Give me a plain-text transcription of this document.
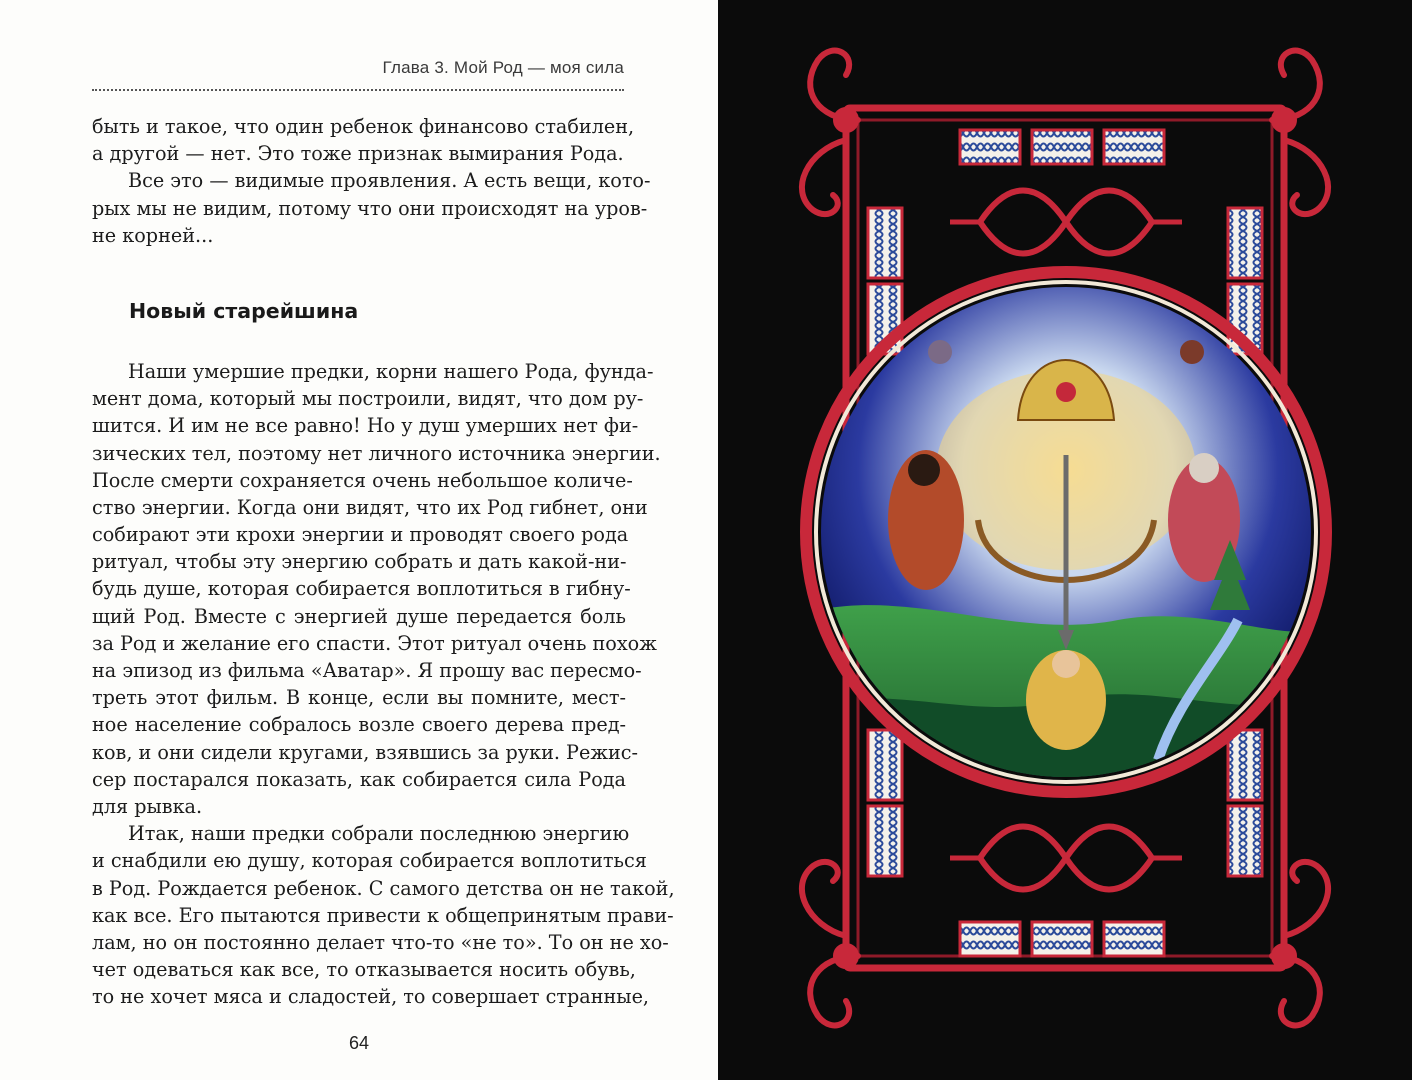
Глава 3. Мой Род — моя сила
быть и такое, что один ребенок финансово стабилен,
а другой — нет. Это тоже признак вымирания Рода.
Все это — видимые проявления. А есть вещи, кото-
рых мы не видим, потому что они происходят на уров-
не корней...
Наши умершие предки, корни нашего Рода, фунда-
мент дома, который мы построили, видят, что дом ру-
шится. И им не все равно! Но у душ умерших нет фи-
зических тел, поэтому нет личного источника энергии.
После смерти сохраняется очень небольшое количе-
ство энергии. Когда они видят, что их Род гибнет, они
собирают эти крохи энергии и проводят своего рода
ритуал, чтобы эту энергию собрать и дать какой-ни-
будь душе, которая собирается воплотиться в гибну-
щий Род. Вместе с энергией душе передается боль
за Род и желание его спасти. Этот ритуал очень похож
на эпизод из фильма «Аватар». Я прошу вас пересмо-
треть этот фильм. В конце, если вы помните, мест-
ное население собралось возле своего дерева пред-
ков, и они сидели кругами, взявшись за руки. Режис-
сер постарался показать, как собирается сила Рода
для рывка.
Итак, наши предки собрали последнюю энергию
и снабдили ею душу, которая собирается воплотиться
в Род. Рождается ребенок. С самого детства он не такой,
как все. Его пытаются привести к общепринятым прави-
лам, но он постоянно делает что-то «не то». То он не хо-
чет одеваться как все, то отказывается носить обувь,
то не хочет мяса и сладостей, то совершает странные,
Новый старейшина
64
